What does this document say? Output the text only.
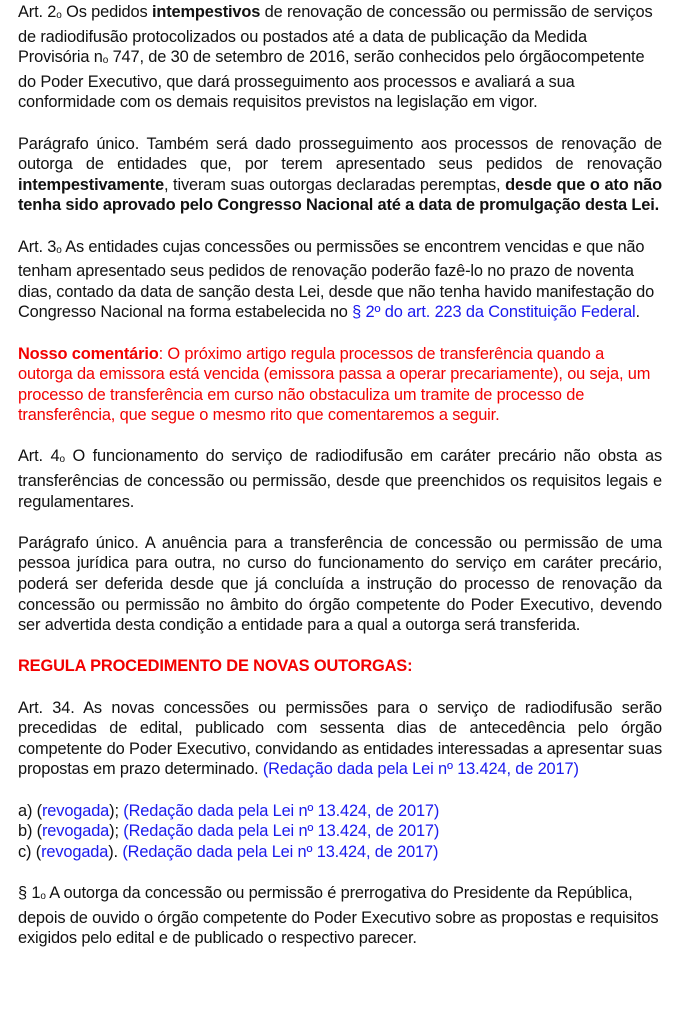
Art. 2o Os pedidos intempestivos de renovação de concessão ou permissão de serviços de radiodifusão protocolizados ou postados até a data de publicação da Medida Provisória no 747, de 30 de setembro de 2016, serão conhecidos pelo órgãocompetente do Poder Executivo, que dará prosseguimento aos processos e avaliará a sua conformidade com os demais requisitos previstos na legislação em vigor.

Parágrafo único. Também será dado prosseguimento aos processos de renovação de outorga de entidades que, por terem apresentado seus pedidos de renovação intempestivamente, tiveram suas outorgas declaradas peremptas, desde que o ato não tenha sido aprovado pelo Congresso Nacional até a data de promulgação desta Lei.

Art. 3o As entidades cujas concessões ou permissões se encontrem vencidas e que não tenham apresentado seus pedidos de renovação poderão fazê-lo no prazo de noventa dias, contado da data de sanção desta Lei, desde que não tenha havido manifestação do Congresso Nacional na forma estabelecida no § 2º do art. 223 da Constituição Federal.

Nosso comentário: O próximo artigo regula processos de transferência quando a outorga da emissora está vencida (emissora passa a operar precariamente), ou seja, um processo de transferência em curso não obstaculiza um tramite de processo de transferência, que segue o mesmo rito que comentaremos a seguir.

Art. 4o O funcionamento do serviço de radiodifusão em caráter precário não obsta as transferências de concessão ou permissão, desde que preenchidos os requisitos legais e regulamentares.

Parágrafo único. A anuência para a transferência de concessão ou permissão de uma pessoa jurídica para outra, no curso do funcionamento do serviço em caráter precário, poderá ser deferida desde que já concluída a instrução do processo de renovação da concessão ou permissão no âmbito do órgão competente do Poder Executivo, devendo ser advertida desta condição a entidade para a qual a outorga será transferida.

REGULA PROCEDIMENTO DE NOVAS OUTORGAS:

Art. 34. As novas concessões ou permissões para o serviço de radiodifusão serão precedidas de edital, publicado com sessenta dias de antecedência pelo órgão competente do Poder Executivo, convidando as entidades interessadas a apresentar suas propostas em prazo determinado. (Redação dada pela Lei nº 13.424, de 2017)

a) (revogada); (Redação dada pela Lei nº 13.424, de 2017)

b) (revogada); (Redação dada pela Lei nº 13.424, de 2017)

c) (revogada). (Redação dada pela Lei nº 13.424, de 2017)

§ 1o A outorga da concessão ou permissão é prerrogativa do Presidente da República, depois de ouvido o órgão competente do Poder Executivo sobre as propostas e requisitos exigidos pelo edital e de publicado o respectivo parecer.
